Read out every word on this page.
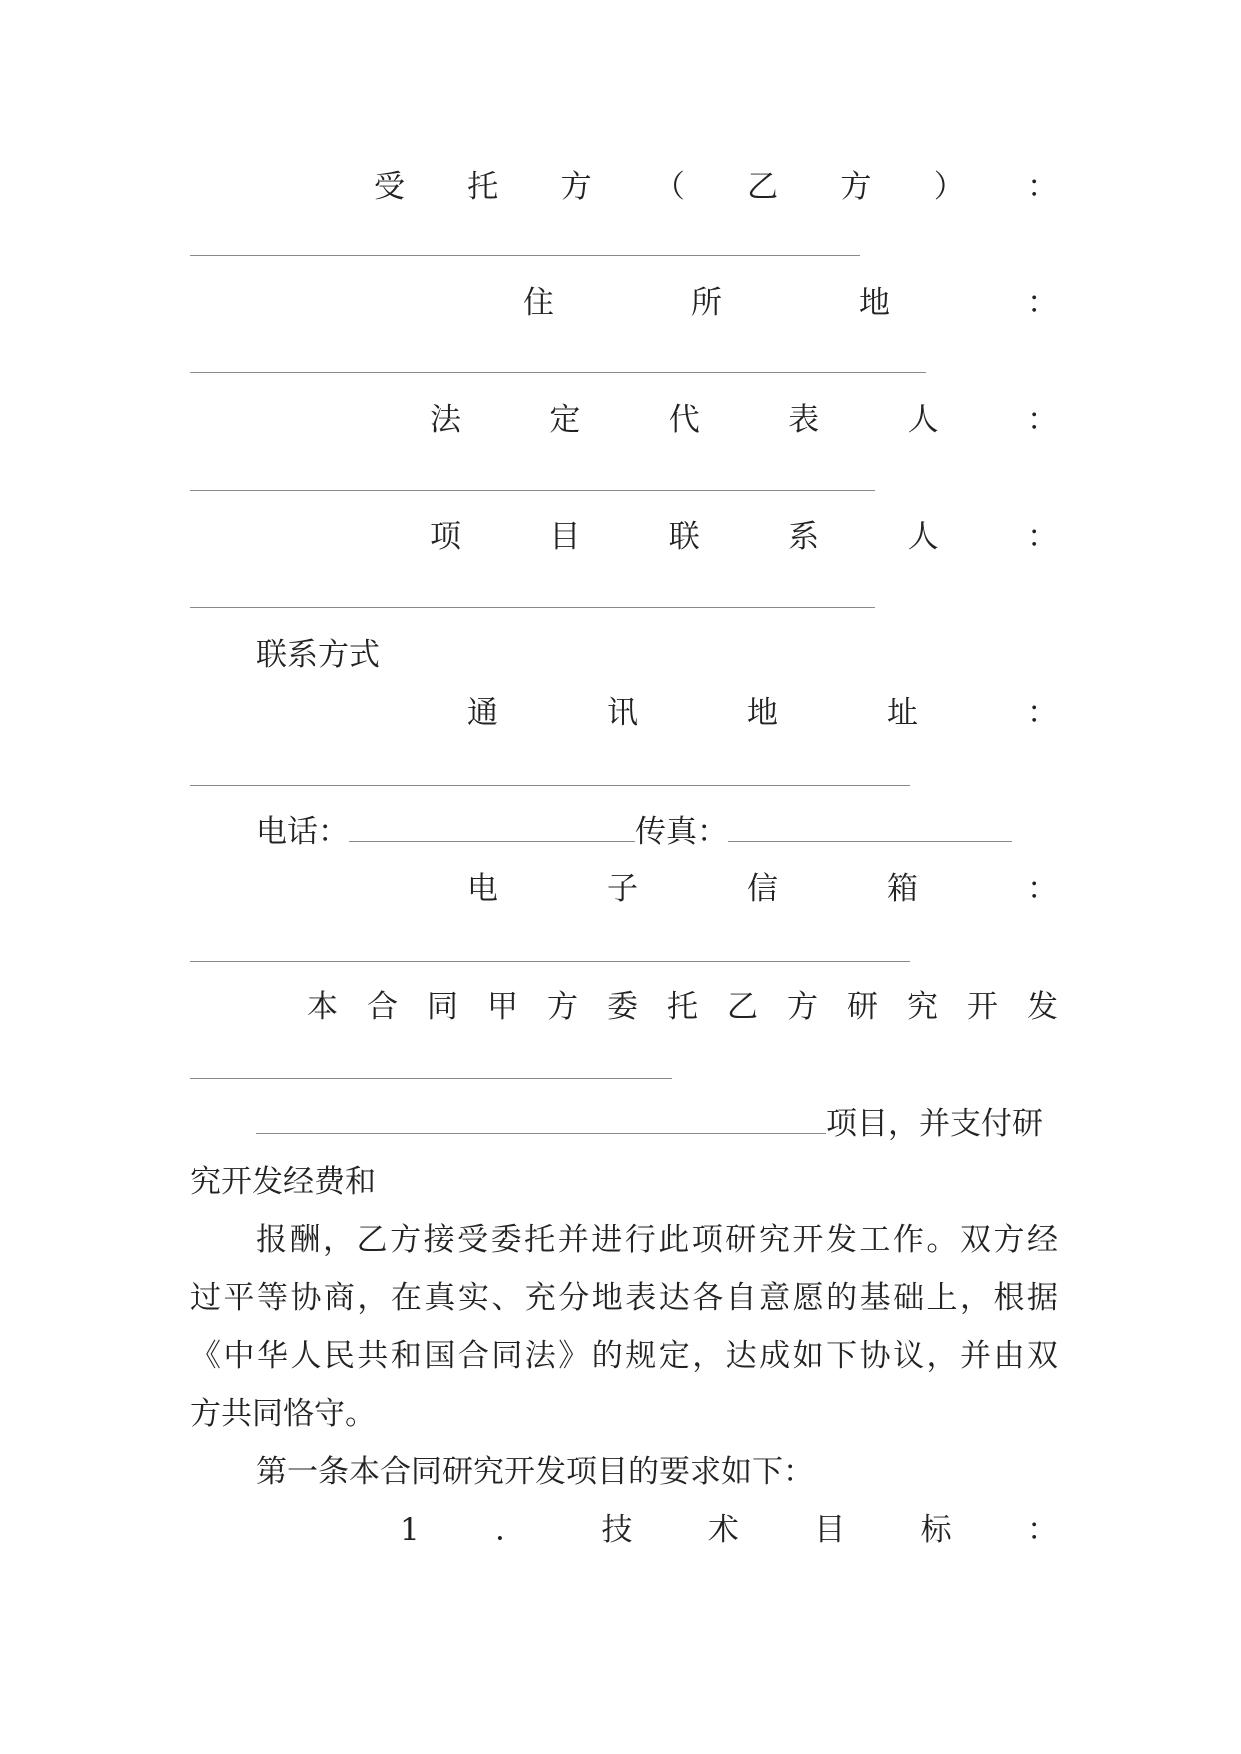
受 托 方 （ 乙 方 ） ：
住	所	地	：
法	定	代	表	人	：
项	目	联	系	人	：
联系方式
通	讯	地	址	：
电话：	传真：
电	子	信	箱	：
本 合 同 甲 方 委 托 乙 方 研 究 开 发
项目，并支付研
究开发经费和
报酬，乙方接受委托并进行此项研究开发工作。双方经
过平等协商，在真实、充分地表达各自意愿的基础上，根据
《中华人民共和国合同法》的规定，达成如下协议，并由双
方共同恪守。
第一条本合同研究开发项目的要求如下：
1 ． 技 术 目 标 ：
